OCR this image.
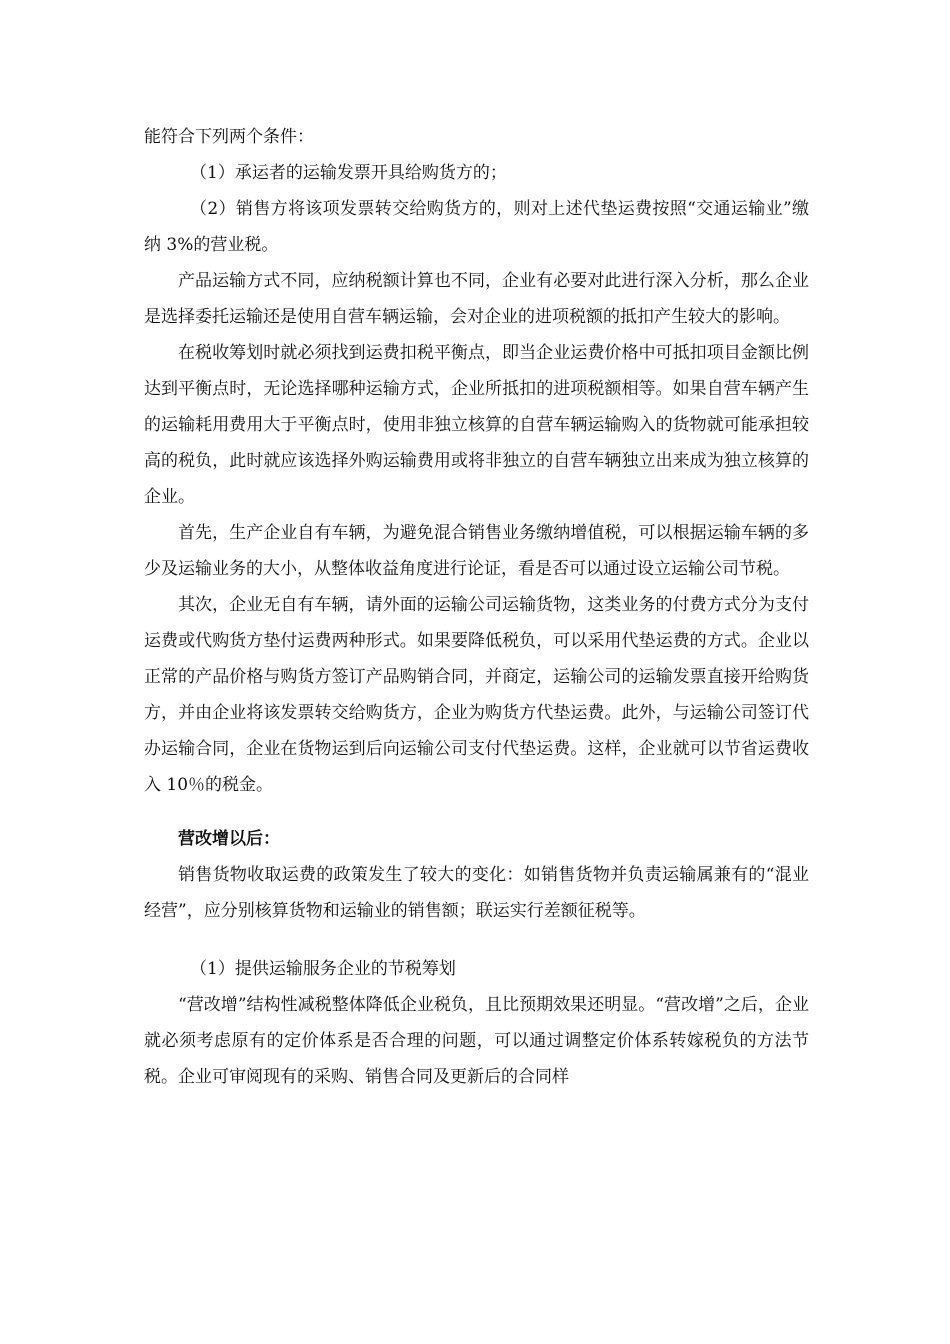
能符合下列两个条件：

（1）承运者的运输发票开具给购货方的；

（2）销售方将该项发票转交给购货方的，则对上述代垫运费按照“交通运输业”缴纳 3%的营业税。

产品运输方式不同，应纳税额计算也不同，企业有必要对此进行深入分析，那么企业是选择委托运输还是使用自营车辆运输，会对企业的进项税额的抵扣产生较大的影响。

在税收筹划时就必须找到运费扣税平衡点，即当企业运费价格中可抵扣项目金额比例达到平衡点时，无论选择哪种运输方式，企业所抵扣的进项税额相等。如果自营车辆产生的运输耗用费用大于平衡点时，使用非独立核算的自营车辆运输购入的货物就可能承担较高的税负，此时就应该选择外购运输费用或将非独立的自营车辆独立出来成为独立核算的企业。

首先，生产企业自有车辆，为避免混合销售业务缴纳增值税，可以根据运输车辆的多少及运输业务的大小，从整体收益角度进行论证，看是否可以通过设立运输公司节税。

其次，企业无自有车辆，请外面的运输公司运输货物，这类业务的付费方式分为支付运费或代购货方垫付运费两种形式。如果要降低税负，可以采用代垫运费的方式。企业以正常的产品价格与购货方签订产品购销合同，并商定，运输公司的运输发票直接开给购货方，并由企业将该发票转交给购货方，企业为购货方代垫运费。此外，与运输公司签订代办运输合同，企业在货物运到后向运输公司支付代垫运费。这样，企业就可以节省运费收入 10％的税金。

营改增以后：

销售货物收取运费的政策发生了较大的变化：如销售货物并负责运输属兼有的“混业经营”，应分别核算货物和运输业的销售额；联运实行差额征税等。

（1）提供运输服务企业的节税筹划

“营改增”结构性减税整体降低企业税负，且比预期效果还明显。“营改增”之后，企业就必须考虑原有的定价体系是否合理的问题，可以通过调整定价体系转嫁税负的方法节税。企业可审阅现有的采购、销售合同及更新后的合同样
